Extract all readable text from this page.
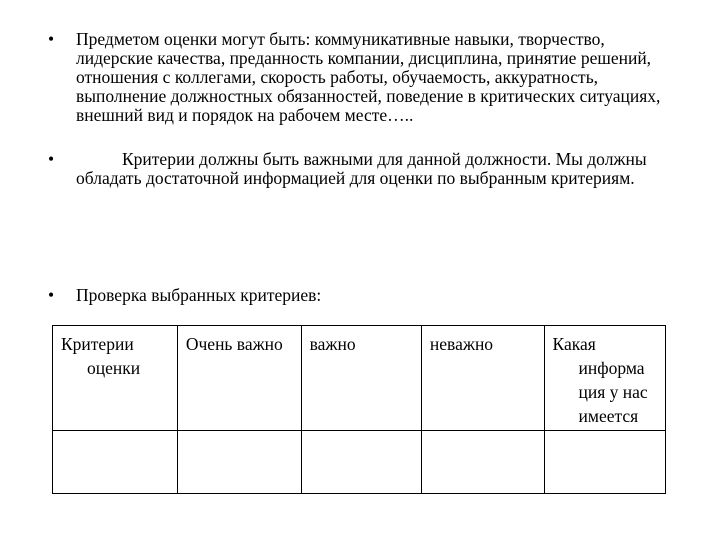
•	Предметом оценки могут быть: коммуникативные навыки, творчество, лидерские качества, преданность компании, дисциплина, принятие решений, отношения с коллегами, скорость работы, обучаемость, аккуратность, выполнение должностных обязанностей, поведение в критических ситуациях, внешний вид и порядок на рабочем месте…..
•	Критерии должны быть важными для данной должности. Мы должны обладать достаточной информацией для оценки по выбранным критериям.
•	Проверка выбранных критериев:
Критерии оценки	Очень важно	важно	неважно	Какая информа ция у нас имеется
